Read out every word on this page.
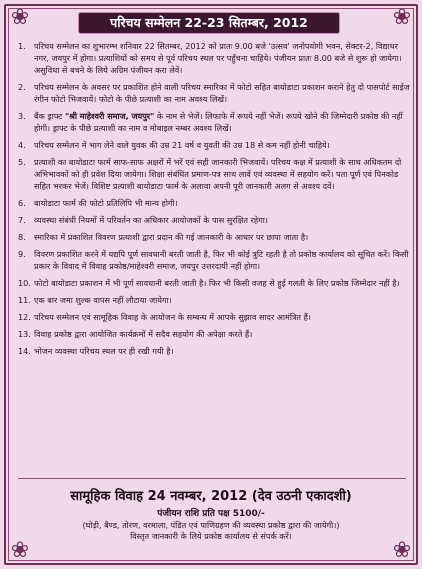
❀	❀
❀	❀
परिचय सम्मेलन 22-23 सितम्बर, 2012
1.	परिचय सम्मेलन का शुभारम्भ शनिवार 22 सितम्बर, 2012 को प्रातः 9.00 बजे 'उत्सव' जनोपयोगी भवन, सेक्टर-2, विद्याधर नगर, जयपुर में होगा। प्रत्याशियों को समय से पूर्व परिचय स्थल पर पहुँचना चाहिये। पंजीयन प्रातः 8.00 बजे से शुरू हो जायेगा। असुविधा से बचने के लिये अग्रिम पंजीयन करा लेवें।
2.	परिचय सम्मेलन के अवसर पर प्रकाशित होने वाली परिचय स्मारिका में फोटो सहित बायोडाटा प्रकाशन कराने हेतु दो पासपोर्ट साईज रंगीन फोटो भिजवायें। फोटो के पीछे प्रत्याशी का नाम अवश्य लिखें।
3.	बैंक ड्राफ्ट "श्री माहेश्वरी समाज, जयपुर" के नाम से भेजें। लिफाफे में रूपये नहीं भेजें। रूपये खोने की जिम्मेदारी प्रकोष्ठ की नहीं होगी। ड्राफ्ट के पीछे प्रत्याशी का नाम व मोबाइल नम्बर अवश्य लिखें।
4.	परिचय सम्मेलन में भाग लेने वाले युवक की उम्र 21 वर्ष व युवती की उम्र 18 से कम नहीं होनी चाहिये।
5.	प्रत्याशी का बायोडाटा फार्म साफ-साफ अक्षरों में भरें एवं सही जानकारी भिजवायें। परिचय कक्ष में प्रत्याशी के साथ अधिकतम दो अभिभावकों को ही प्रवेश दिया जायेगा। शिक्षा संबंधित प्रमाण-पत्र साथ लावें एवं व्यवस्था में सहयोग करें। पता पूर्ण एवं पिनकोड सहित भरकर भेजें। विशिष्ट प्रत्याशी बायोडाटा फार्म के अलावा अपनी पूरी जानकारी अलग से अवश्य दवें।
6.	बायोडाटा फार्म की फोटो प्रतिलिपि भी मान्य होगी।
7.	व्यवस्था संबंधी नियमों में परिवर्तन का अधिकार आयोजकों के पास सुरक्षित रहेगा।
8.	स्मारिका में प्रकाशित विवरण प्रत्याशी द्वारा प्रदान की गई जानकारी के आधार पर छापा जाता है।
9.	विवरण प्रकाशित करने में यद्यपि पूर्ण सावधानी बरती जाती है, फिर भी कोई त्रुटि रहती है तो प्रकोष्ठ कार्यालय को सूचित करें। किसी प्रकार के विवाद में विवाह प्रकोष्ठ/माहेश्वरी समाज, जयपुर उत्तरदायी नहीं होगा।
10. फोटो बायोडाटा प्रकाशन में भी पूर्ण सावधानी बरती जाती है। फिर भी किसी वजह से हुई गलती के लिए प्रकोष्ठ जिम्मेदार नहीं है।
11. एक बार जमा शुल्क वापस नहीं लौटाया जायेगा।
12. परिचय सम्मेलन एवं सामूहिक विवाह के आयोजन के सम्बन्ध में आपके सुझाव सादर आमंत्रित हैं।
13. विवाह प्रकोष्ठ द्वारा आयोजित कार्यक्रमों में सदैव सहयोग की अपेक्षा करते हैं।
14. भोजन व्यवस्था परिचय स्थल पर ही रखी गयी है।
सामूहिक विवाह 24 नवम्बर, 2012 (देव उठनी एकादशी)
पंजीयन राशि प्रति पक्ष 5100/-
(घोड़ी, बैण्ड, तोरण, वरमाला, पंडित एवं पाणिग्रहण की व्यवस्था प्रकोष्ठ द्वारा की जायेगी।)
विस्तृत जानकारी के लिये प्रकोष्ठ कार्यालय से संपर्क करें।
